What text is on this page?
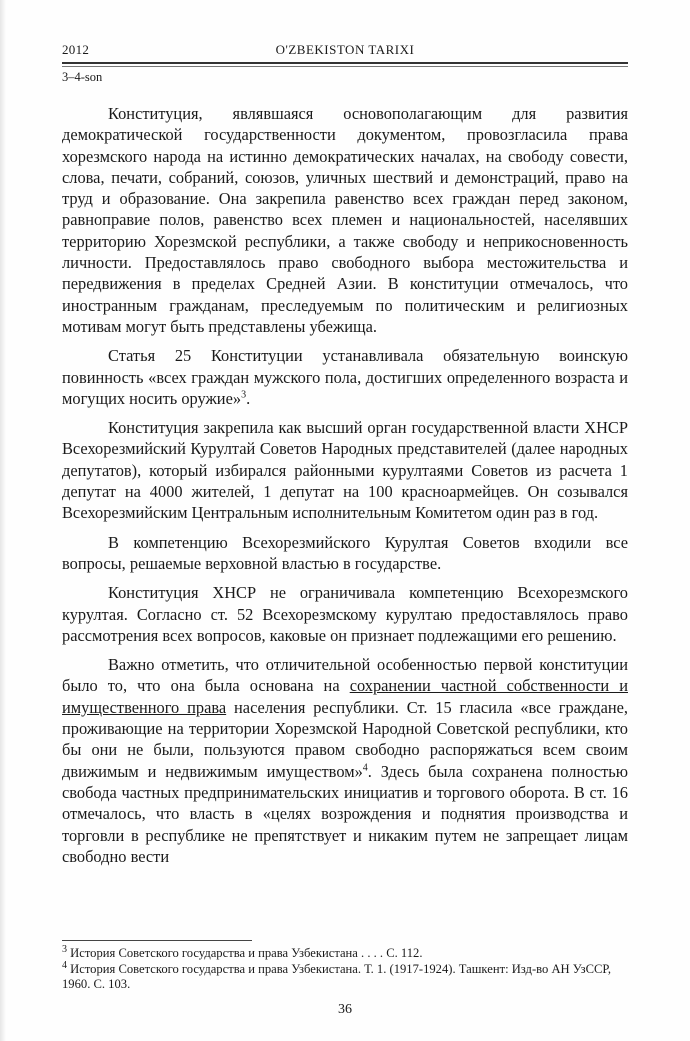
2012	O'ZBEKISTON TARIXI
3–4-son

Конституция, являвшаяся основополагающим для развития демократической государственности документом, провозгласила права хорезмского народа на истинно демократических началах, на свободу совести, слова, печати, собраний, союзов, уличных шествий и демонстраций, право на труд и образование. Она закрепила равенство всех граждан перед законом, равноправие полов, равенство всех племен и национальностей, населявших территорию Хорезмской республики, а также свободу и неприкосновенность личности. Предоставлялось право свободного выбора местожительства и передвижения в пределах Средней Азии. В конституции отмечалось, что иностранным гражданам, преследуемым по политическим и религиозных мотивам могут быть представлены убежища.

Статья 25 Конституции устанавливала обязательную воинскую повинность «всех граждан мужского пола, достигших определенного возраста и могущих носить оружие»$^3$.

Конституция закрепила как высший орган государственной власти ХНСР Всехорезмийский Курултай Советов Народных представителей (далее народных депутатов), который избирался районными курултаями Советов из расчета 1 депутат на 4000 жителей, 1 депутат на 100 красноармейцев. Он созывался Всехорезмийским Центральным исполнительным Комитетом один раз в год.

В компетенцию Всехорезмийского Курултая Советов входили все вопросы, решаемые верховной властью в государстве.

Конституция ХНСР не ограничивала компетенцию Всехорезмского курултая. Согласно ст. 52 Всехорезмскому курултаю предоставлялось право рассмотрения всех вопросов, каковые он признает подлежащими его решению.

Важно отметить, что отличительной особенностью первой конституции было то, что она была основана на сохранении частной собственности и имущественного права населения республики. Ст. 15 гласила «все граждане, проживающие на территории Хорезмской Народной Советской республики, кто бы они не были, пользуются правом свободно распоряжаться всем своим движимым и недвижимым имуществом»$^4$. Здесь была сохранена полностью свобода частных предпринимательских инициатив и торгового оборота. В ст. 16 отмечалось, что власть в «целях возрождения и поднятия производства и торговли в республике не препятствует и никаким путем не запрещает лицам свободно вести

$^3$ История Советского государства и права Узбекистана . . . . С. 112.
$^4$ История Советского государства и права Узбекистана. Т. 1. (1917-1924). Ташкент: Изд-во АН УзССР, 1960. С. 103.
36
